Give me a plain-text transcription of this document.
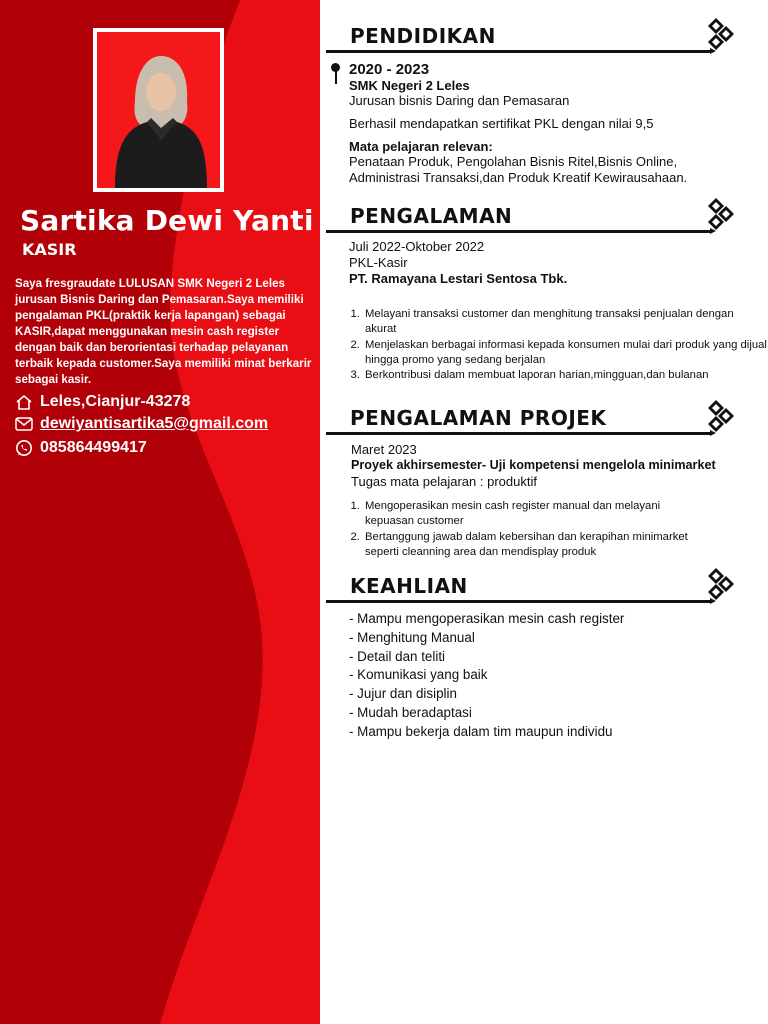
Sartika Dewi Yanti
KASIR
Saya fresgraudate LULUSAN SMK Negeri 2 Leles jurusan Bisnis Daring dan Pemasaran.Saya memiliki pengalaman PKL(praktik kerja lapangan) sebagai KASIR,dapat menggunakan mesin cash register dengan baik dan berorientasi terhadap pelayanan terbaik kepada customer.Saya memiliki minat berkarir sebagai kasir.
Leles,Cianjur-43278
dewiyantisartika5@gmail.com
085864499417
PENDIDIKAN
2020 - 2023
SMK Negeri 2 Leles
Jurusan bisnis Daring dan Pemasaran
Berhasil mendapatkan sertifikat PKL dengan nilai 9,5
Mata pelajaran relevan:
Penataan Produk, Pengolahan Bisnis Ritel,Bisnis Online,
Administrasi Transaksi,dan Produk Kreatif Kewirausahaan.
PENGALAMAN
Juli 2022-Oktober 2022
PKL-Kasir
PT. Ramayana Lestari Sentosa Tbk.
1. Melayani transaksi customer dan menghitung transaksi penjualan dengan akurat
2. Menjelaskan berbagai informasi kepada konsumen mulai dari produk yang dijual hingga promo yang sedang berjalan
3. Berkontribusi dalam membuat laporan harian,mingguan,dan bulanan
PENGALAMAN PROJEK
Maret 2023
Proyek akhirsemester- Uji kompetensi mengelola minimarket
Tugas mata pelajaran : produktif
1. Mengoperasikan mesin cash register manual dan melayani kepuasan customer
2. Bertanggung jawab dalam kebersihan dan kerapihan minimarket seperti cleanning area dan mendisplay produk
KEAHLIAN
- Mampu mengoperasikan mesin cash register
- Menghitung Manual
- Detail dan teliti
- Komunikasi yang baik
- Jujur dan disiplin
- Mudah beradaptasi
- Mampu bekerja dalam tim maupun individu
